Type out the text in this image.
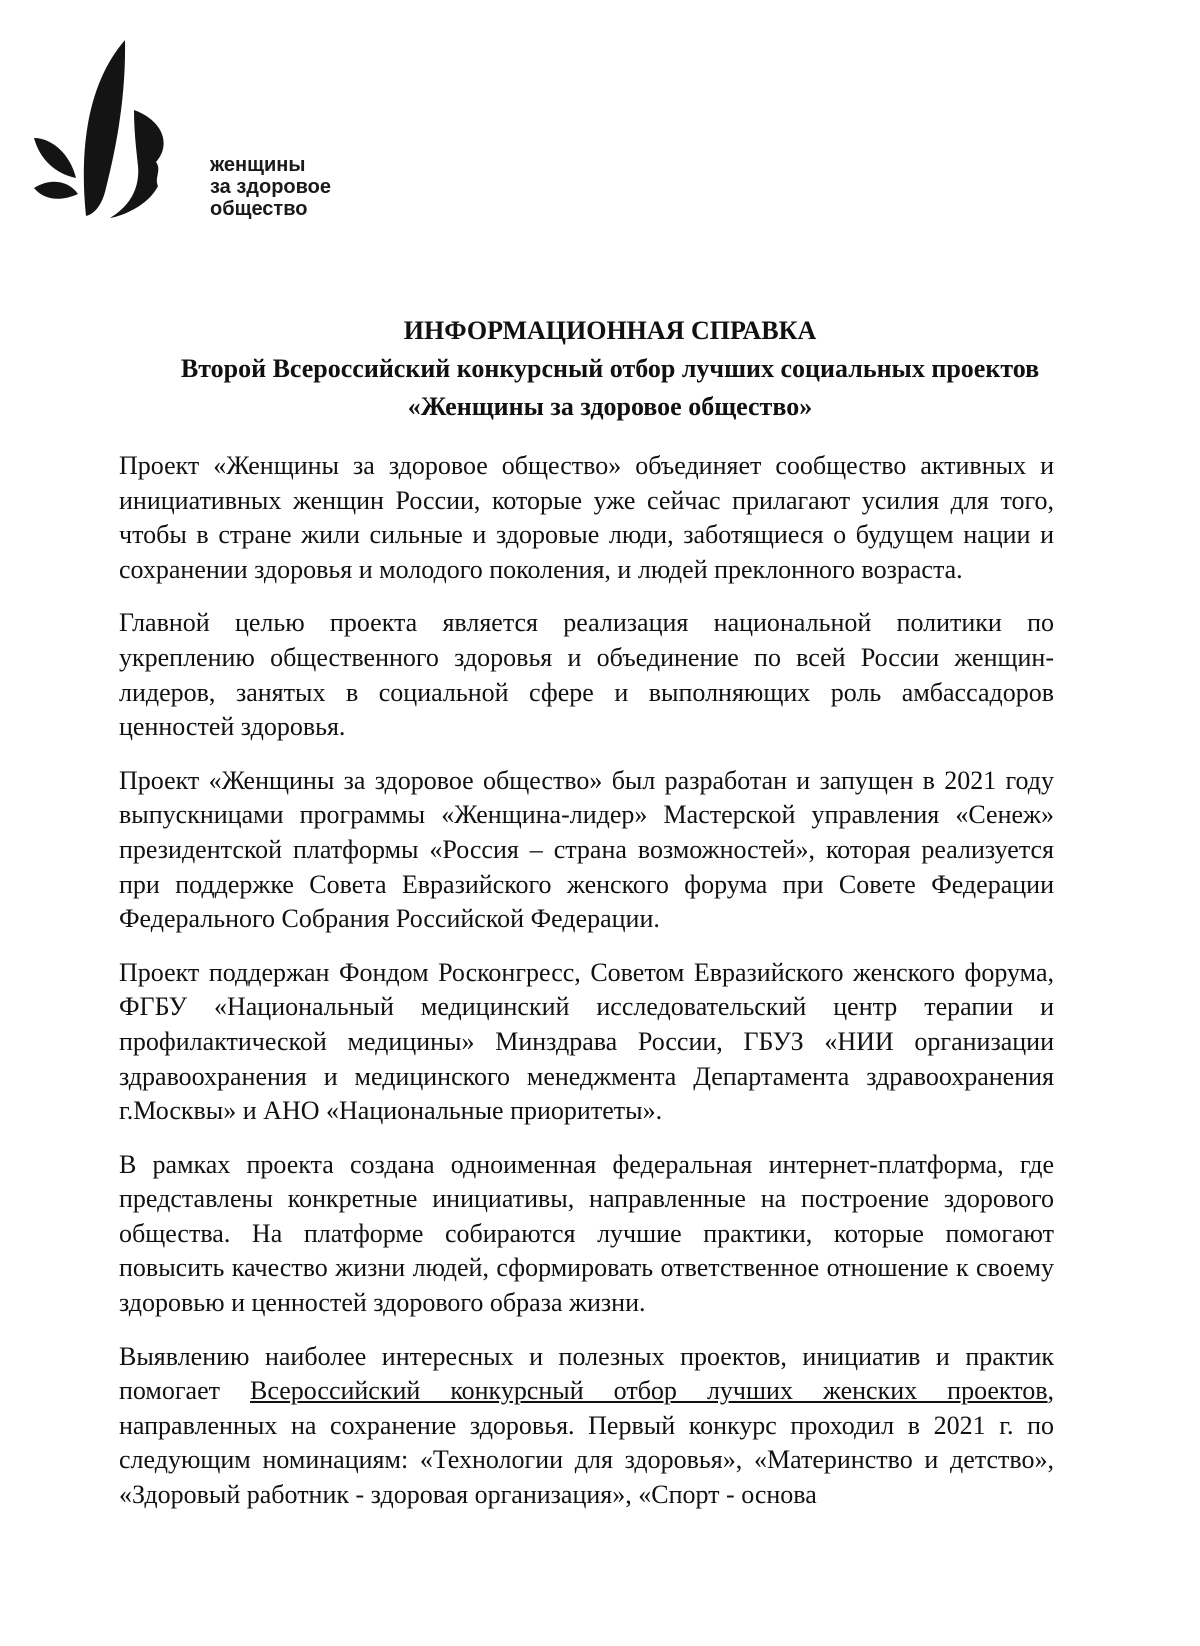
женщины
за здоровое
общество
ИНФОРМАЦИОННАЯ СПРАВКА
Второй Всероссийский конкурсный отбор лучших социальных проектов
«Женщины за здоровое общество»

Проект «Женщины за здоровое общество» объединяет сообщество активных и инициативных женщин России, которые уже сейчас прилагают усилия для того, чтобы в стране жили сильные и здоровые люди, заботящиеся о будущем нации и сохранении здоровья и молодого поколения, и людей преклонного возраста.

Главной целью проекта является реализация национальной политики по укреплению общественного здоровья и объединение по всей России женщин-лидеров, занятых в социальной сфере и выполняющих роль амбассадоров ценностей здоровья.

Проект «Женщины за здоровое общество» был разработан и запущен в 2021 году выпускницами программы «Женщина-лидер» Мастерской управления «Сенеж» президентской платформы «Россия – страна возможностей», которая реализуется при поддержке Совета Евразийского женского форума при Совете Федерации Федерального Собрания Российской Федерации.

Проект поддержан Фондом Росконгресс, Советом Евразийского женского форума, ФГБУ «Национальный медицинский исследовательский центр терапии и профилактической медицины» Минздрава России, ГБУЗ «НИИ организации здравоохранения и медицинского менеджмента Департамента здравоохранения г.Москвы» и АНО «Национальные приоритеты».

В рамках проекта создана одноименная федеральная интернет-платформа, где представлены конкретные инициативы, направленные на построение здорового общества. На платформе собираются лучшие практики, которые помогают повысить качество жизни людей, сформировать ответственное отношение к своему здоровью и ценностей здорового образа жизни.

Выявлению наиболее интересных и полезных проектов, инициатив и практик помогает Всероссийский конкурсный отбор лучших женских проектов, направленных на сохранение здоровья. Первый конкурс проходил в 2021 г. по следующим номинациям: «Технологии для здоровья», «Материнство и детство», «Здоровый работник - здоровая организация», «Спорт - основа
